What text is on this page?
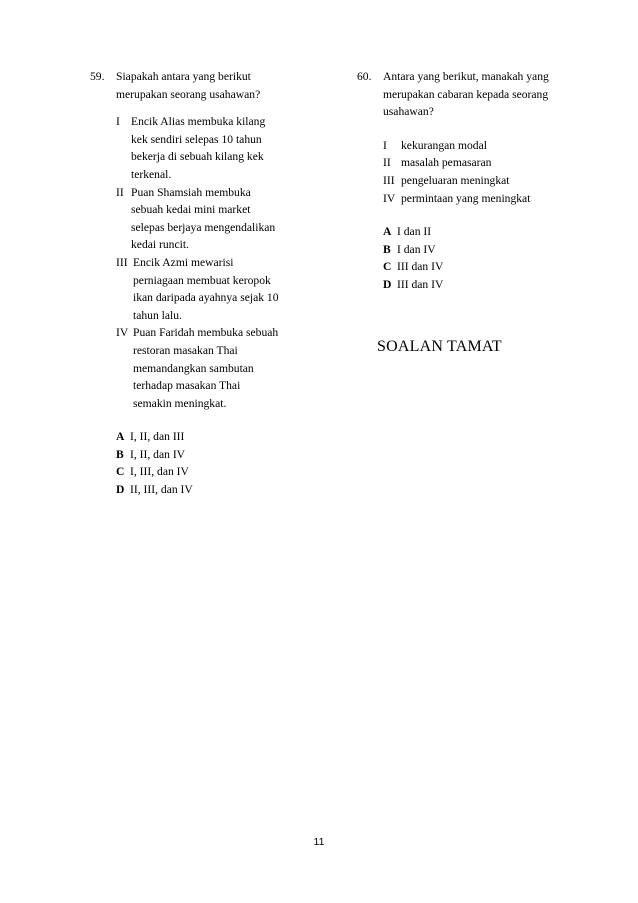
59. Siapakah antara yang berikut
merupakan seorang usahawan?
I Encik Alias membuka kilang
kek sendiri selepas 10 tahun
bekerja di sebuah kilang kek
terkenal.
II Puan Shamsiah membuka
sebuah kedai mini market
selepas berjaya mengendalikan
kedai runcit.
III Encik Azmi mewarisi
perniagaan membuat keropok
ikan daripada ayahnya sejak 10
tahun lalu.
IV Puan Faridah membuka sebuah
restoran masakan Thai
memandangkan sambutan
terhadap masakan Thai
semakin meningkat.
A I, II, dan III
B I, II, dan IV
C I, III, dan IV
D II, III, dan IV
60. Antara yang berikut, manakah yang
merupakan cabaran kepada seorang
usahawan?
I	kekurangan modal
II masalah pemasaran
III pengeluaran meningkat
IV permintaan yang meningkat
A I dan II
B I dan IV
C III dan IV
D III dan IV
SOALAN TAMAT
11
